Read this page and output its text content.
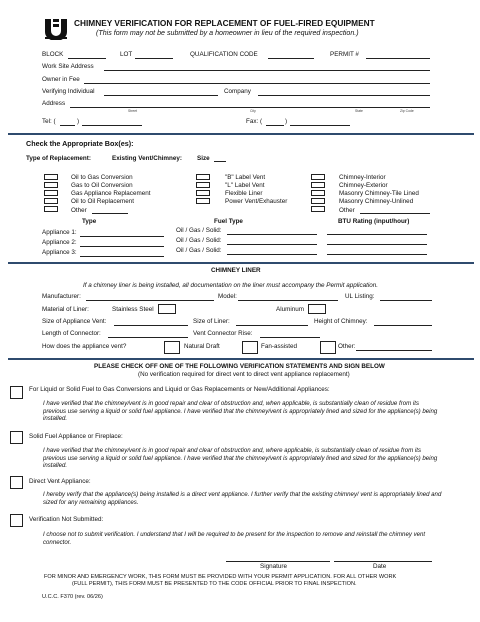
CHIMNEY VERIFICATION FOR REPLACEMENT OF FUEL-FIRED EQUIPMENT
(This form may not be submitted by a homeowner in lieu of the required inspection.)
BLOCK	LOT	QUALIFICATION CODE	PERMIT #
Work Site Address
Owner in Fee
Verifying Individual	Company
Address
Street	City	State	Zip Code
Tel: (	)	Fax: (	)
Check the Appropriate Box(es):
Type of Replacement:	Existing Vent/Chimney: Size
Oil to Gas Conversion
Gas to Oil Conversion
Gas Appliance Replacement
Oil to Oil Replacement
Other
"B" Label Vent
"L" Label Vent
Flexible Liner
Power Vent/Exhauster
Chimney-Interior
Chimney-Exterior
Masonry Chimney-Tile Lined
Masonry Chimney-Unlined
Other
Type	Fuel Type	BTU Rating (input/hour)
Appliance 1:	Oil / Gas / Solid:
Appliance 2:	Oil / Gas / Solid:
Appliance 3:	Oil / Gas / Solid:
CHIMNEY LINER
If a chimney liner is being installed, all documentation on the liner must accompany the Permit application.
Manufacturer:	Model:	UL Listing:
Material of Liner:	Stainless Steel	Aluminum
Size of Appliance Vent:	Size of Liner:	Height of Chimney:
Length of Connector:	Vent Connector Rise:
How does the appliance vent?	Natural Draft	Fan-assisted	Other:
PLEASE CHECK OFF ONE OF THE FOLLOWING VERIFICATION STATEMENTS AND SIGN BELOW
(No verification required for direct vent to direct vent appliance replacement)
For Liquid or Solid Fuel to Gas Conversions and Liquid or Gas Replacements or New/Additional Appliances:
I have verified that the chimney/vent is in good repair and clear of obstruction and, when applicable, is substantially clean of residue from its previous use serving a liquid or solid fuel appliance. I have verified that the chimney/vent is appropriately lined and sized for the appliance(s) being installed.
Solid Fuel Appliance or Fireplace:
I have verified that the chimney/vent is in good repair and clear of obstruction and, where applicable, is substantially clean of residue from its previous use serving a liquid or solid fuel appliance. I have verified that the chimney/vent is appropriately lined and sized for the appliance(s) being installed.
Direct Vent Appliance:
I hereby verify that the appliance(s) being installed is a direct vent appliance. I further verify that the existing chimney/ vent is appropriately lined and sized for any remaining appliances.
Verification Not Submitted:
I choose not to submit verification. I understand that I will be required to be present for the inspection to remove and reinstall the chimney vent connector.
Signature	Date
FOR MINOR AND EMERGENCY WORK, THIS FORM MUST BE PROVIDED WITH YOUR PERMIT APPLICATION. FOR ALL OTHER WORK
(FULL PERMIT), THIS FORM MUST BE PRESENTED TO THE CODE OFFICIAL PRIOR TO FINAL INSPECTION.
U.C.C. F370 (rev. 06/26)
